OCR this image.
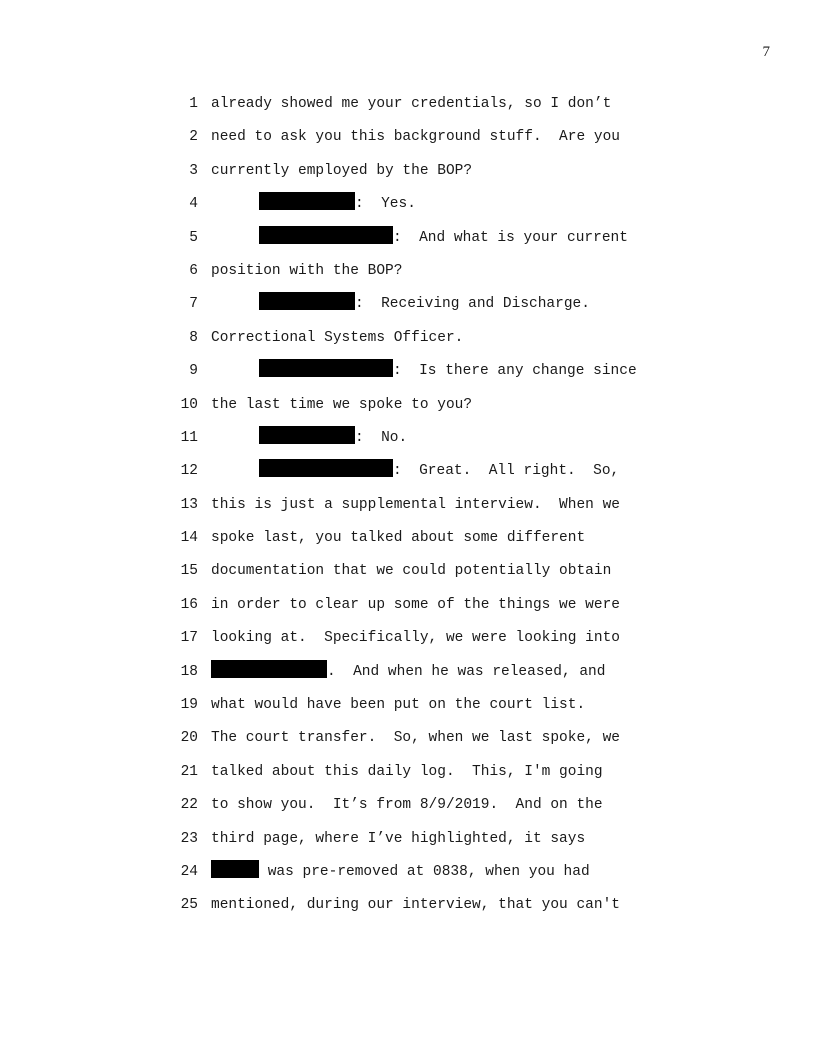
7
1 already showed me your credentials, so I don’t
2 need to ask you this background stuff.  Are you
3 currently employed by the BOP?
4	:  Yes.
5	:  And what is your current
6 position with the BOP?
7	:  Receiving and Discharge.
8 Correctional Systems Officer.
9	:  Is there any change since
10 the last time we spoke to you?
11	:  No.
12	:  Great.  All right.  So,
13 this is just a supplemental interview.  When we
14 spoke last, you talked about some different
15 documentation that we could potentially obtain
16 in order to clear up some of the things we were
17 looking at.  Specifically, we were looking into
18	.  And when he was released, and
19 what would have been put on the court list.
20 The court transfer.  So, when we last spoke, we
21 talked about this daily log.  This, I'm going
22 to show you.  It’s from 8/9/2019.  And on the
23 third page, where I’ve highlighted, it says
24	was pre-removed at 0838, when you had
25 mentioned, during our interview, that you can't
